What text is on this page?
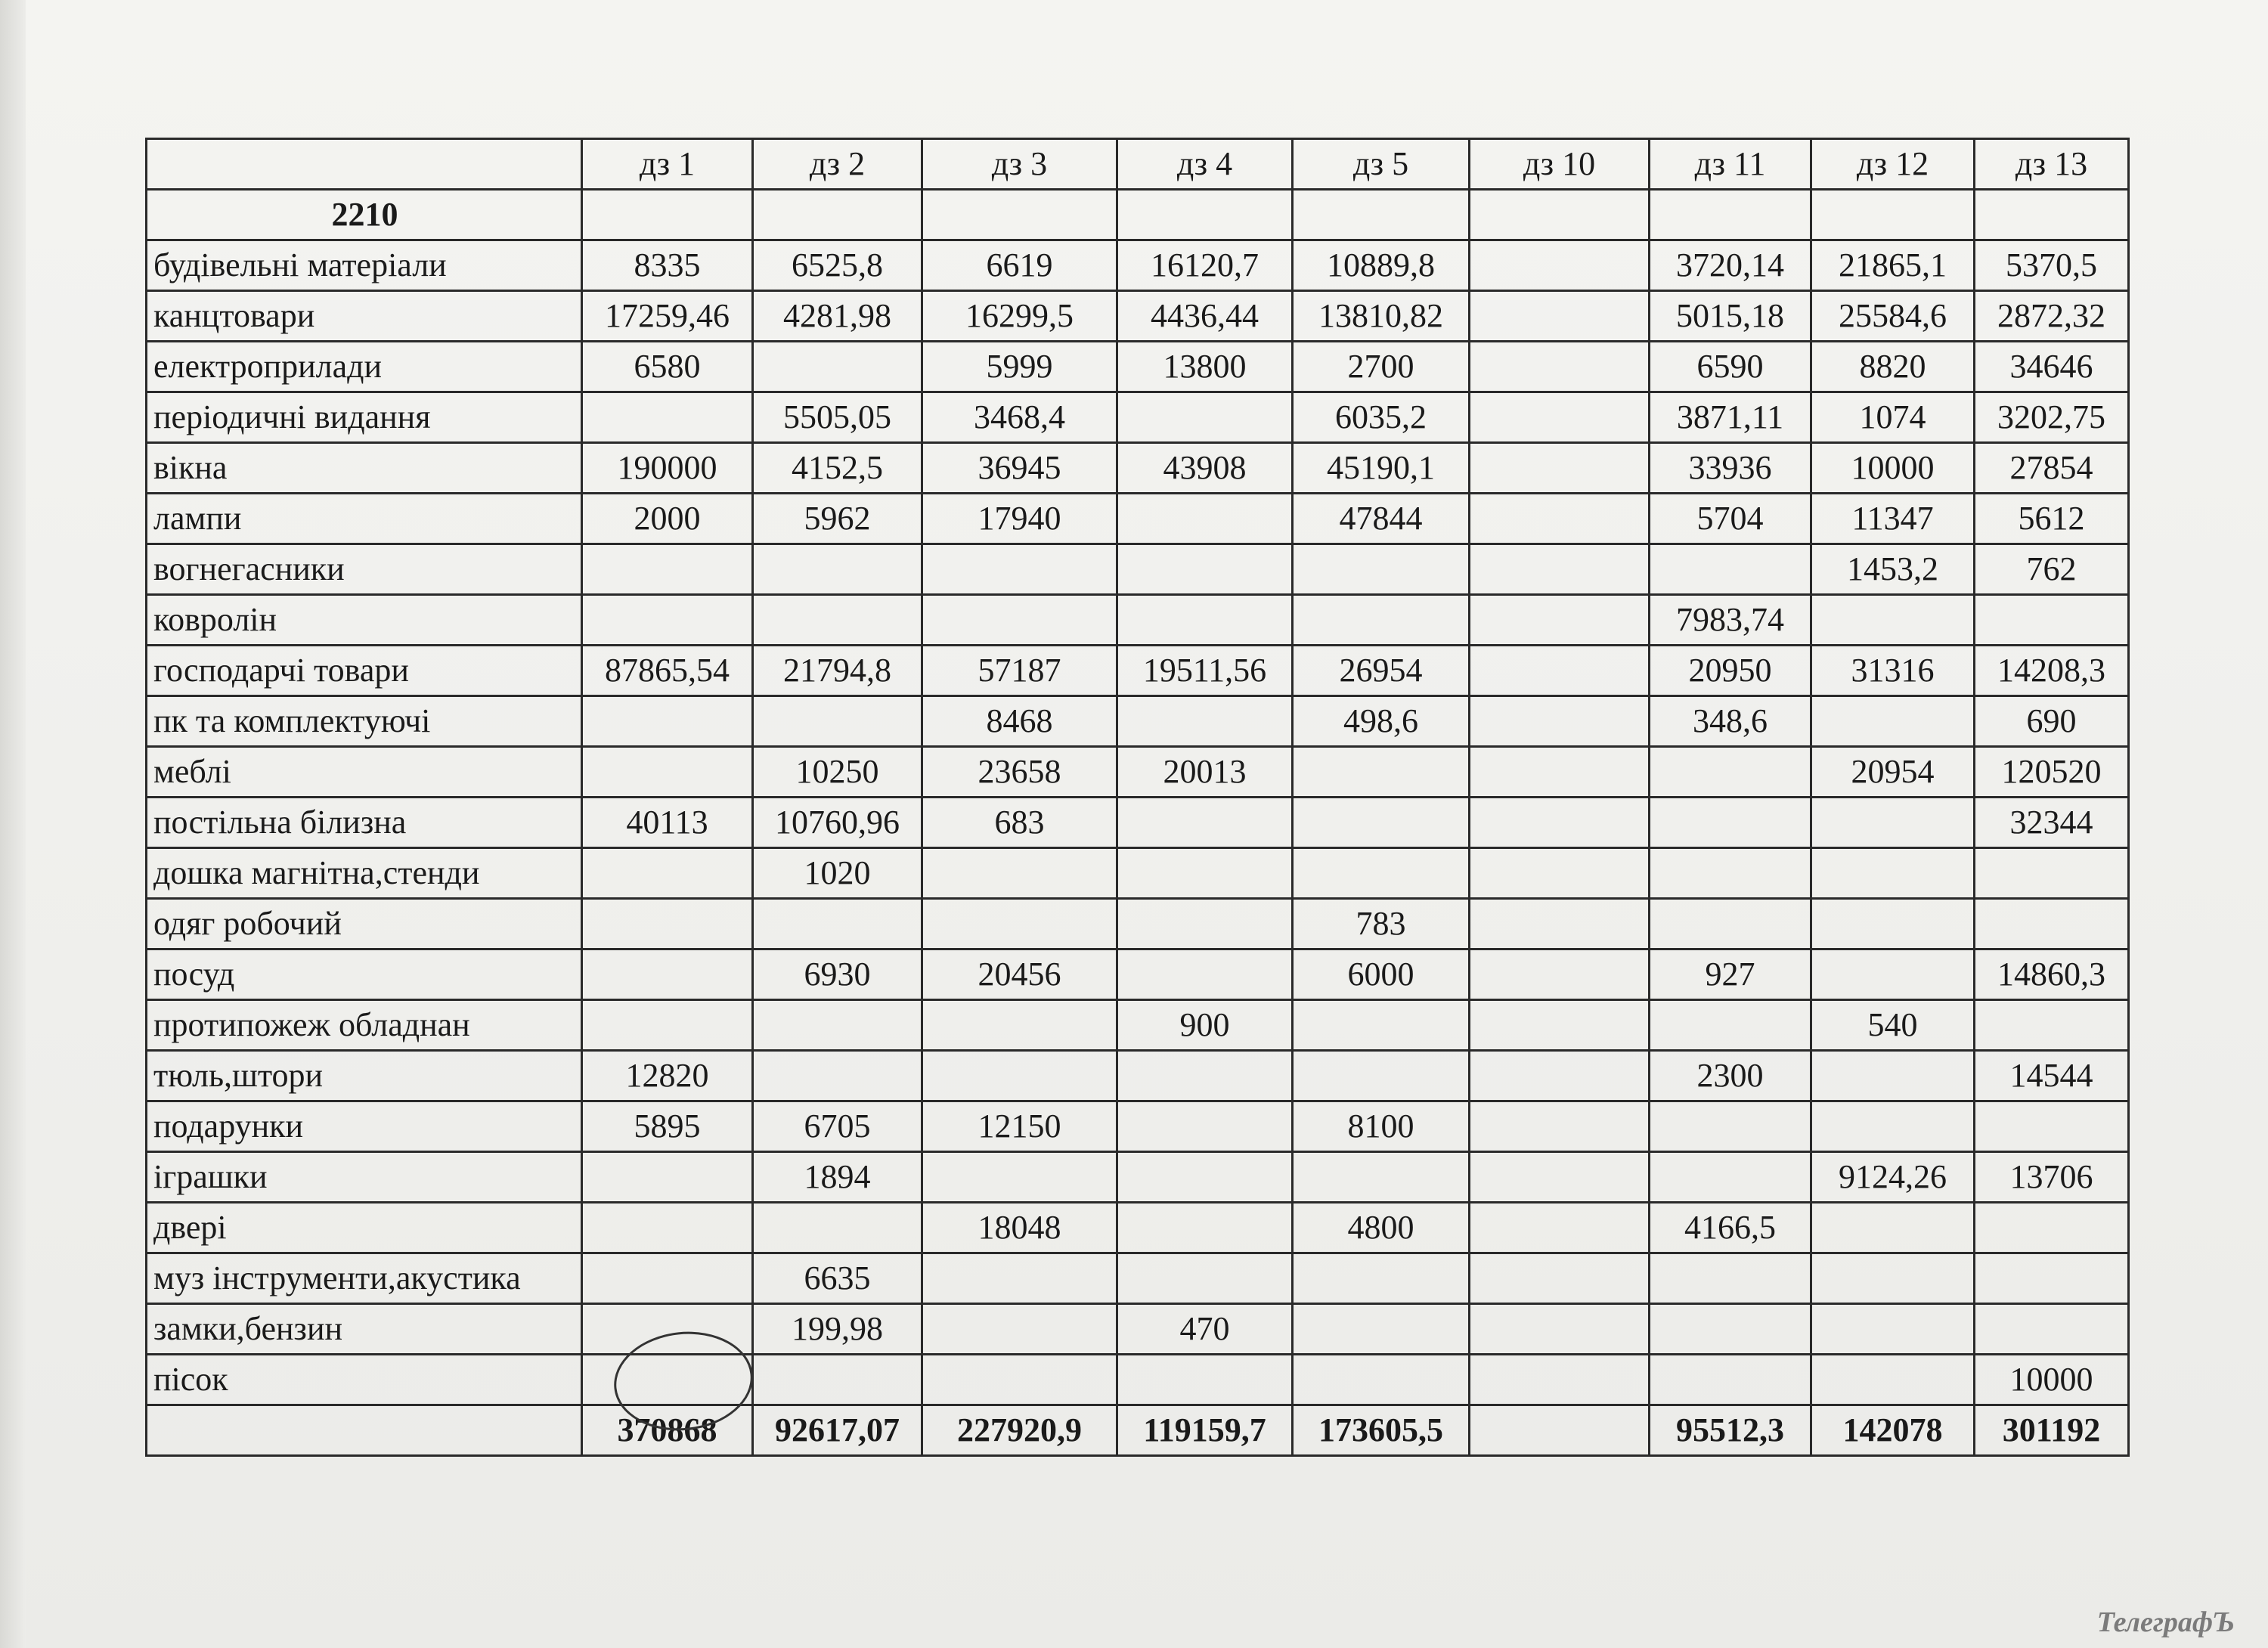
	дз 1	дз 2	дз 3	дз 4	дз 5	дз 10	дз 11	дз 12	дз 13
2210									
будівельні матеріали	8335	6525,8	6619	16120,7	10889,8		3720,14	21865,1	5370,5
канцтовари	17259,46	4281,98	16299,5	4436,44	13810,82		5015,18	25584,6	2872,32
електроприлади	6580		5999	13800	2700		6590	8820	34646
періодичні видання		5505,05	3468,4		6035,2		3871,11	1074	3202,75
вікна	190000	4152,5	36945	43908	45190,1		33936	10000	27854
лампи	2000	5962	17940		47844		5704	11347	5612
вогнегасники								1453,2	762
ковролін							7983,74		
господарчі товари	87865,54	21794,8	57187	19511,56	26954		20950	31316	14208,3
пк та комплектуючі			8468		498,6		348,6		690
меблі		10250	23658	20013				20954	120520
постільна білизна	40113	10760,96	683						32344
дошка магнітна,стенди		1020							
одяг робочий					783				
посуд		6930	20456		6000		927		14860,3
протипожеж обладнан				900				540	
тюль,штори	12820						2300		14544
подарунки	5895	6705	12150		8100				
іграшки		1894						9124,26	13706
двері			18048		4800		4166,5		
муз інструменти,акустика		6635							
замки,бензин		199,98		470					
пісок									10000
	370868	92617,07	227920,9	119159,7	173605,5		95512,3	142078	301192
ТелеграфЪ
